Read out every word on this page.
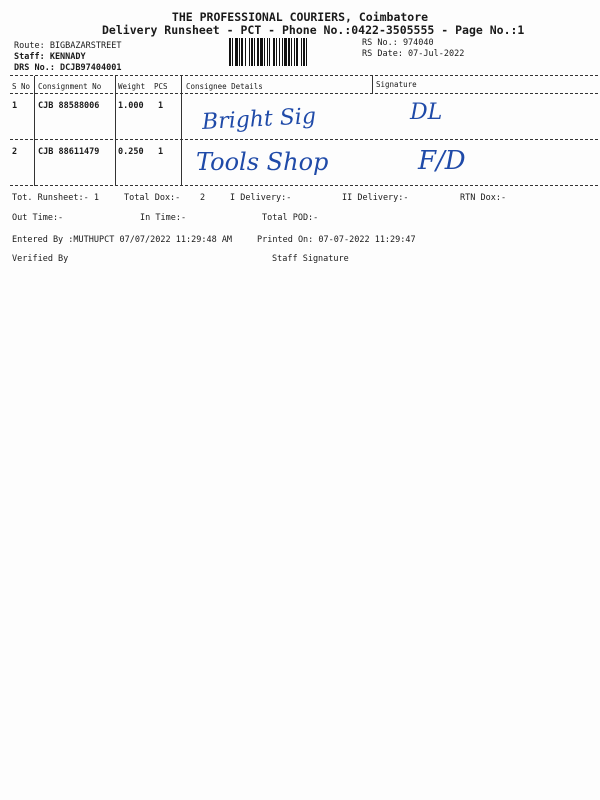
THE PROFESSIONAL COURIERS, Coimbatore
Delivery Runsheet - PCT - Phone No.:0422-3505555 - Page No.:1
Route: BIGBAZARSTREET
Staff: KENNADY
DRS No.: DCJB97404001
RS No.: 974040
RS Date: 07-Jul-2022
S No Consignment No Weight PCS Consignee Details	Signature
1 CJB 88588006 1.000 1 Bright Sig	DL
2 CJB 88611479 0.250 1 Tools Shop	F/D
Tot. Runsheet:- 1	Total Dox:- 2	I Delivery:-	II Delivery:-	RTN Dox:-
Out Time:-	In Time:-	Total POD:-
Entered By :MUTHUPCT 07/07/2022 11:29:48 AM	Printed On: 07-07-2022 11:29:47
Verified By	Staff Signature
